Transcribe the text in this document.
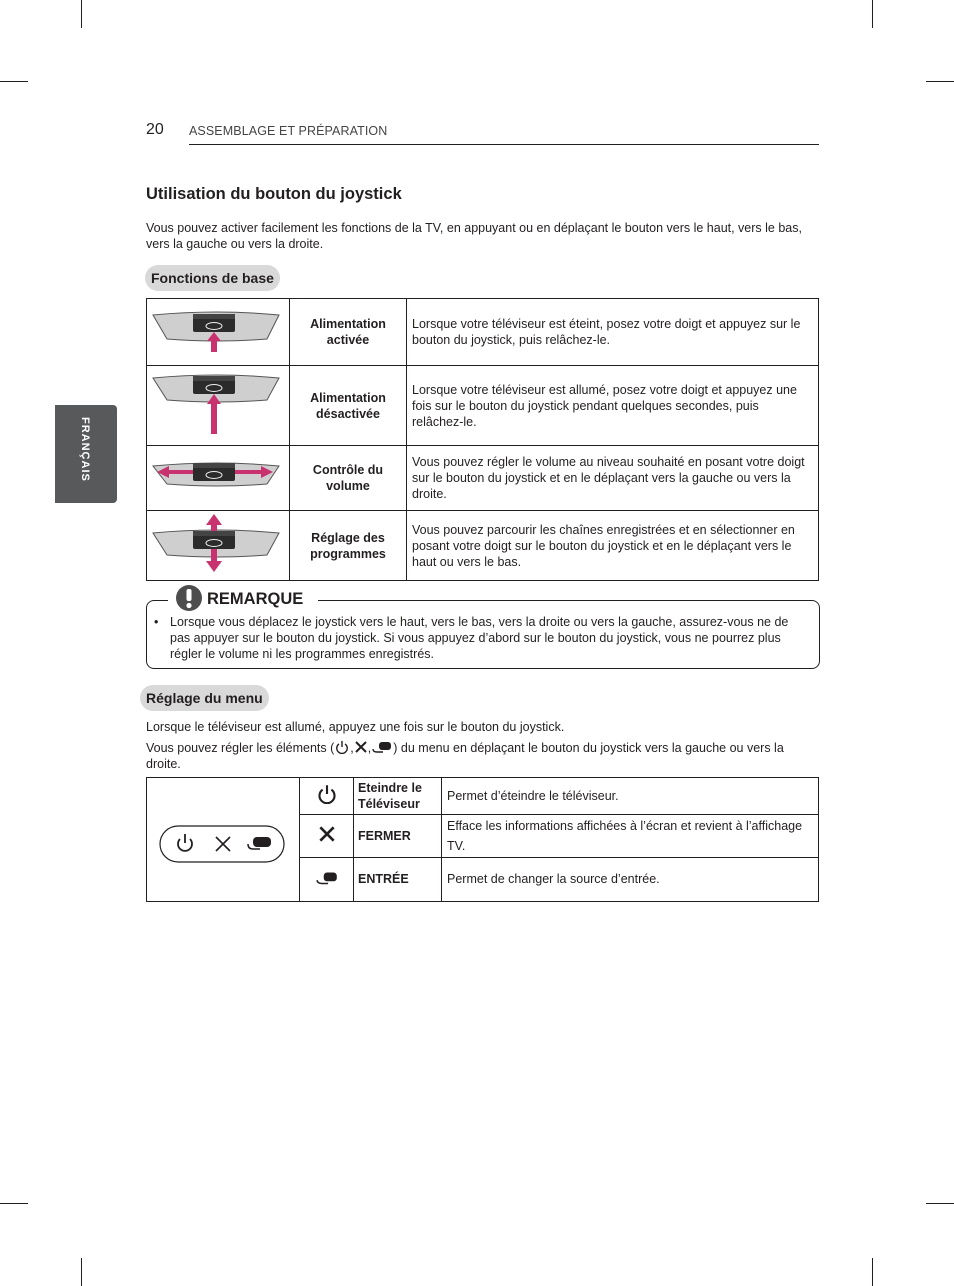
20 ASSEMBLAGE ET PRÉPARATION
FRANÇAIS
Utilisation du bouton du joystick
Vous pouvez activer facilement les fonctions de la TV, en appuyant ou en déplaçant le bouton vers le haut, vers le bas, vers la gauche ou vers la droite.
Fonctions de base
	Alimentation activée	Lorsque votre téléviseur est éteint, posez votre doigt et appuyez sur le bouton du joystick, puis relâchez-le.
	Alimentation désactivée	Lorsque votre téléviseur est allumé, posez votre doigt et appuyez une fois sur le bouton du joystick pendant quelques secondes, puis relâchez-le.
	Contrôle du volume	Vous pouvez régler le volume au niveau souhaité en posant votre doigt sur le bouton du joystick et en le déplaçant vers la gauche ou vers la droite.
	Réglage des programmes	Vous pouvez parcourir les chaînes enregistrées et en sélectionner en posant votre doigt sur le bouton du joystick et en le déplaçant vers le haut ou vers le bas.
REMARQUE
• Lorsque vous déplacez le joystick vers le haut, vers le bas, vers la droite ou vers la gauche, assurez-vous ne de pas appuyer sur le bouton du joystick. Si vous appuyez d’abord sur le bouton du joystick, vous ne pourrez plus régler le volume ni les programmes enregistrés.
Réglage du menu
Lorsque le téléviseur est allumé, appuyez une fois sur le bouton du joystick.
Vous pouvez régler les éléments ( , , ) du menu en déplaçant le bouton du joystick vers la gauche ou vers la droite.
		Eteindre le Téléviseur	Permet d’éteindre le téléviseur.
	FERMER	Efface les informations affichées à l’écran et revient à l’affichage TV.
	ENTRÉE	Permet de changer la source d’entrée.
